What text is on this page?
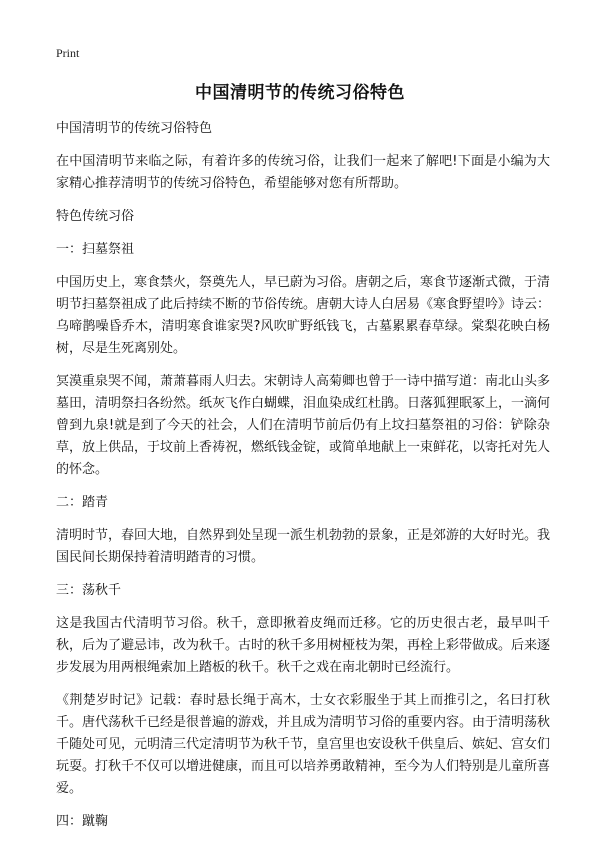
Print
中国清明节的传统习俗特色

中国清明节的传统习俗特色

在中国清明节来临之际，有着许多的传统习俗，让我们一起来了解吧!下面是小编为大家精心推荐清明节的传统习俗特色，希望能够对您有所帮助。

特色传统习俗

一：扫墓祭祖

中国历史上，寒食禁火，祭奠先人，早已蔚为习俗。唐朝之后，寒食节逐渐式微，于清明节扫墓祭祖成了此后持续不断的节俗传统。唐朝大诗人白居易《寒食野望吟》诗云：乌啼鹊噪昏乔木，清明寒食谁家哭?风吹旷野纸钱飞，古墓累累春草绿。棠梨花映白杨树，尽是生死离别处。

冥漠重泉哭不闻，萧萧暮雨人归去。宋朝诗人高菊卿也曾于一诗中描写道：南北山头多墓田，清明祭扫各纷然。纸灰飞作白蝴蝶，泪血染成红杜鹃。日落狐狸眠冢上，一滴何曾到九泉!就是到了今天的社会，人们在清明节前后仍有上坟扫墓祭祖的习俗：铲除杂草，放上供品，于坟前上香祷祝，燃纸钱金锭，或简单地献上一束鲜花，以寄托对先人的怀念。

二：踏青

清明时节，春回大地，自然界到处呈现一派生机勃勃的景象，正是郊游的大好时光。我国民间长期保持着清明踏青的习惯。

三：荡秋千

这是我国古代清明节习俗。秋千，意即揪着皮绳而迁移。它的历史很古老，最早叫千秋，后为了避忌讳，改为秋千。古时的秋千多用树桠枝为架，再栓上彩带做成。后来逐步发展为用两根绳索加上踏板的秋千。秋千之戏在南北朝时已经流行。

《荆楚岁时记》记载：春时悬长绳于高木，士女衣彩服坐于其上而推引之，名曰打秋千。唐代荡秋千已经是很普遍的游戏，并且成为清明节习俗的重要内容。由于清明荡秋千随处可见，元明清三代定清明节为秋千节，皇宫里也安设秋千供皇后、嫔妃、宫女们玩耍。打秋千不仅可以增进健康，而且可以培养勇敢精神，至今为人们特别是儿童所喜爱。

四：蹴鞠
